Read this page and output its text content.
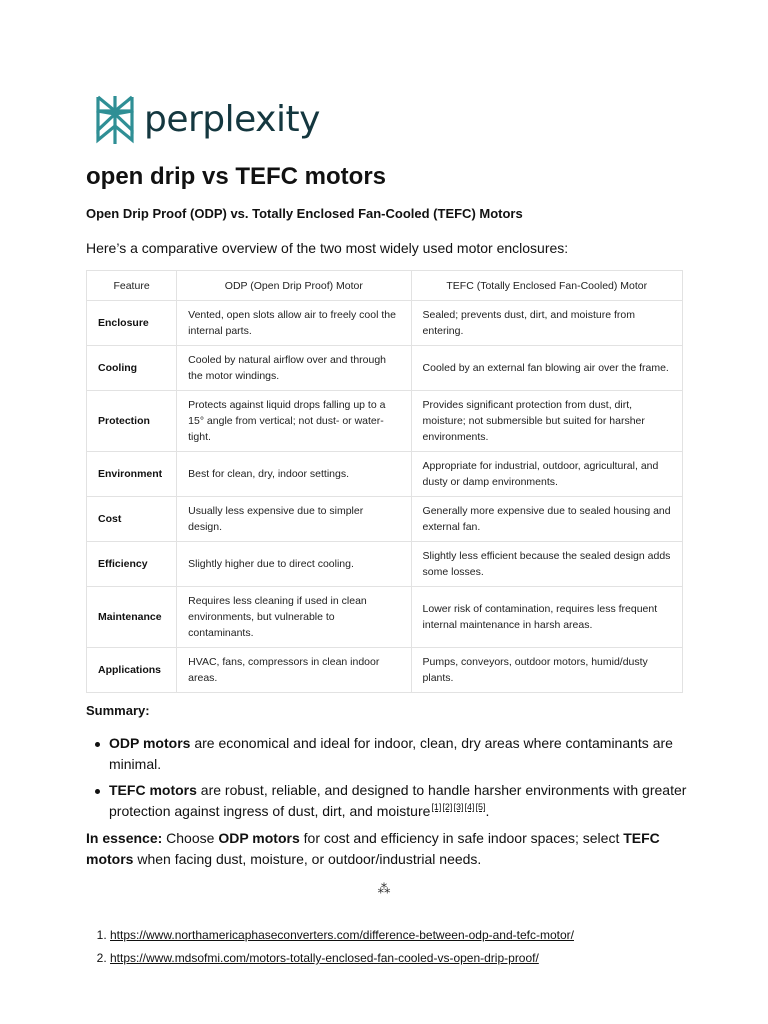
perplexity
open drip vs TEFC motors

Open Drip Proof (ODP) vs. Totally Enclosed Fan-Cooled (TEFC) Motors

Here’s a comparative overview of the two most widely used motor enclosures:

Feature	ODP (Open Drip Proof) Motor	TEFC (Totally Enclosed Fan-Cooled) Motor
Enclosure	Vented, open slots allow air to freely cool the internal parts.	Sealed; prevents dust, dirt, and moisture from entering.
Cooling	Cooled by natural airflow over and through the motor windings.	Cooled by an external fan blowing air over the frame.
Protection	Protects against liquid drops falling up to a 15° angle from vertical; not dust- or water-tight.	Provides significant protection from dust, dirt, moisture; not submersible but suited for harsher environments.
Environment	Best for clean, dry, indoor settings.	Appropriate for industrial, outdoor, agricultural, and dusty or damp environments.
Cost	Usually less expensive due to simpler design.	Generally more expensive due to sealed housing and external fan.
Efficiency	Slightly higher due to direct cooling.	Slightly less efficient because the sealed design adds some losses.
Maintenance	Requires less cleaning if used in clean environments, but vulnerable to contaminants.	Lower risk of contamination, requires less frequent internal maintenance in harsh areas.
Applications	HVAC, fans, compressors in clean indoor areas.	Pumps, conveyors, outdoor motors, humid/dusty plants.

Summary:

ODP motors are economical and ideal for indoor, clean, dry areas where contaminants are minimal.
TEFC motors are robust, reliable, and designed to handle harsher environments with greater protection against ingress of dust, dirt, and moisture[1][2][3][4][5].

In essence: Choose ODP motors for cost and efficiency in safe indoor spaces; select TEFC motors when facing dust, moisture, or outdoor/industrial needs.

⁂
1. https://www.northamericaphaseconverters.com/difference-between-odp-and-tefc-motor/
2. https://www.mdsofmi.com/motors-totally-enclosed-fan-cooled-vs-open-drip-proof/
